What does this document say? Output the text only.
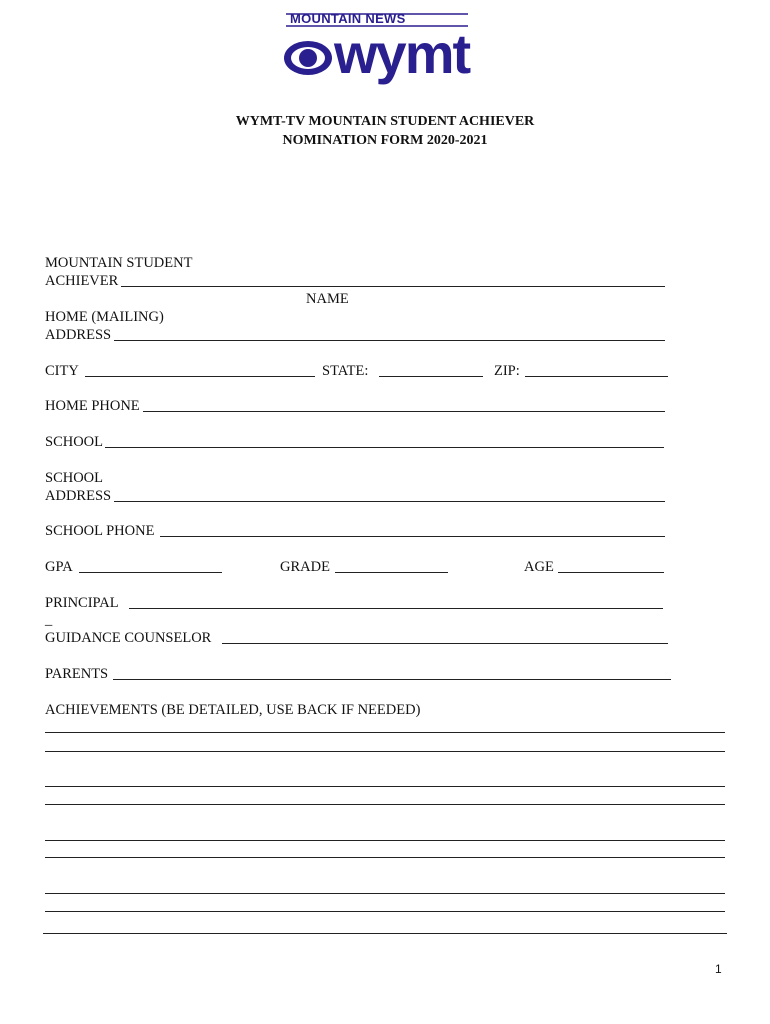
MOUNTAIN NEWS
wymt
WYMT-TV MOUNTAIN STUDENT ACHIEVER
NOMINATION FORM 2020-2021
MOUNTAIN STUDENT
ACHIEVER
NAME
HOME (MAILING)
ADDRESS
CITY	STATE:	ZIP:
HOME PHONE
SCHOOL
SCHOOL
ADDRESS
SCHOOL PHONE
GPA	GRADE	AGE
PRINCIPAL
_
GUIDANCE COUNSELOR
PARENTS
ACHIEVEMENTS (BE DETAILED, USE BACK IF NEEDED)
1
